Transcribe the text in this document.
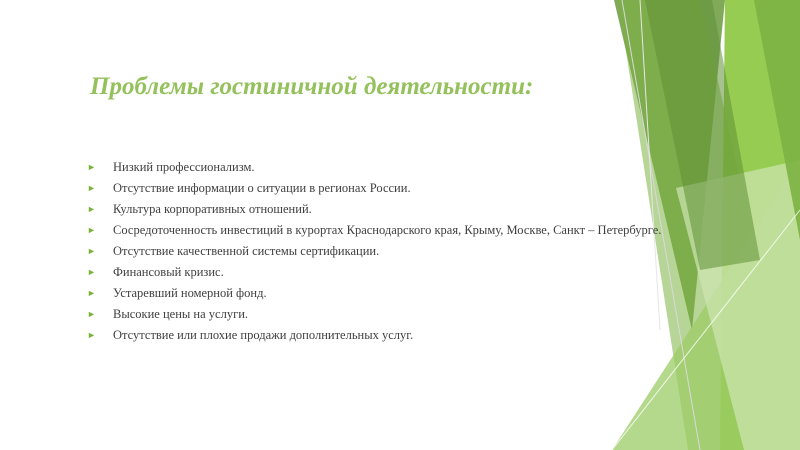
Проблемы гостиничной деятельности:
► Низкий профессионализм.
► Отсутствие информации о ситуации в регионах России.
► Культура корпоративных отношений.
► Сосредоточенность инвестиций в курортах Краснодарского края, Крыму, Москве, Санкт – Петербурге.
► Отсутствие качественной системы сертификации.
► Финансовый кризис.
► Устаревший номерной фонд.
► Высокие цены на услуги.
► Отсутствие или плохие продажи дополнительных услуг.
